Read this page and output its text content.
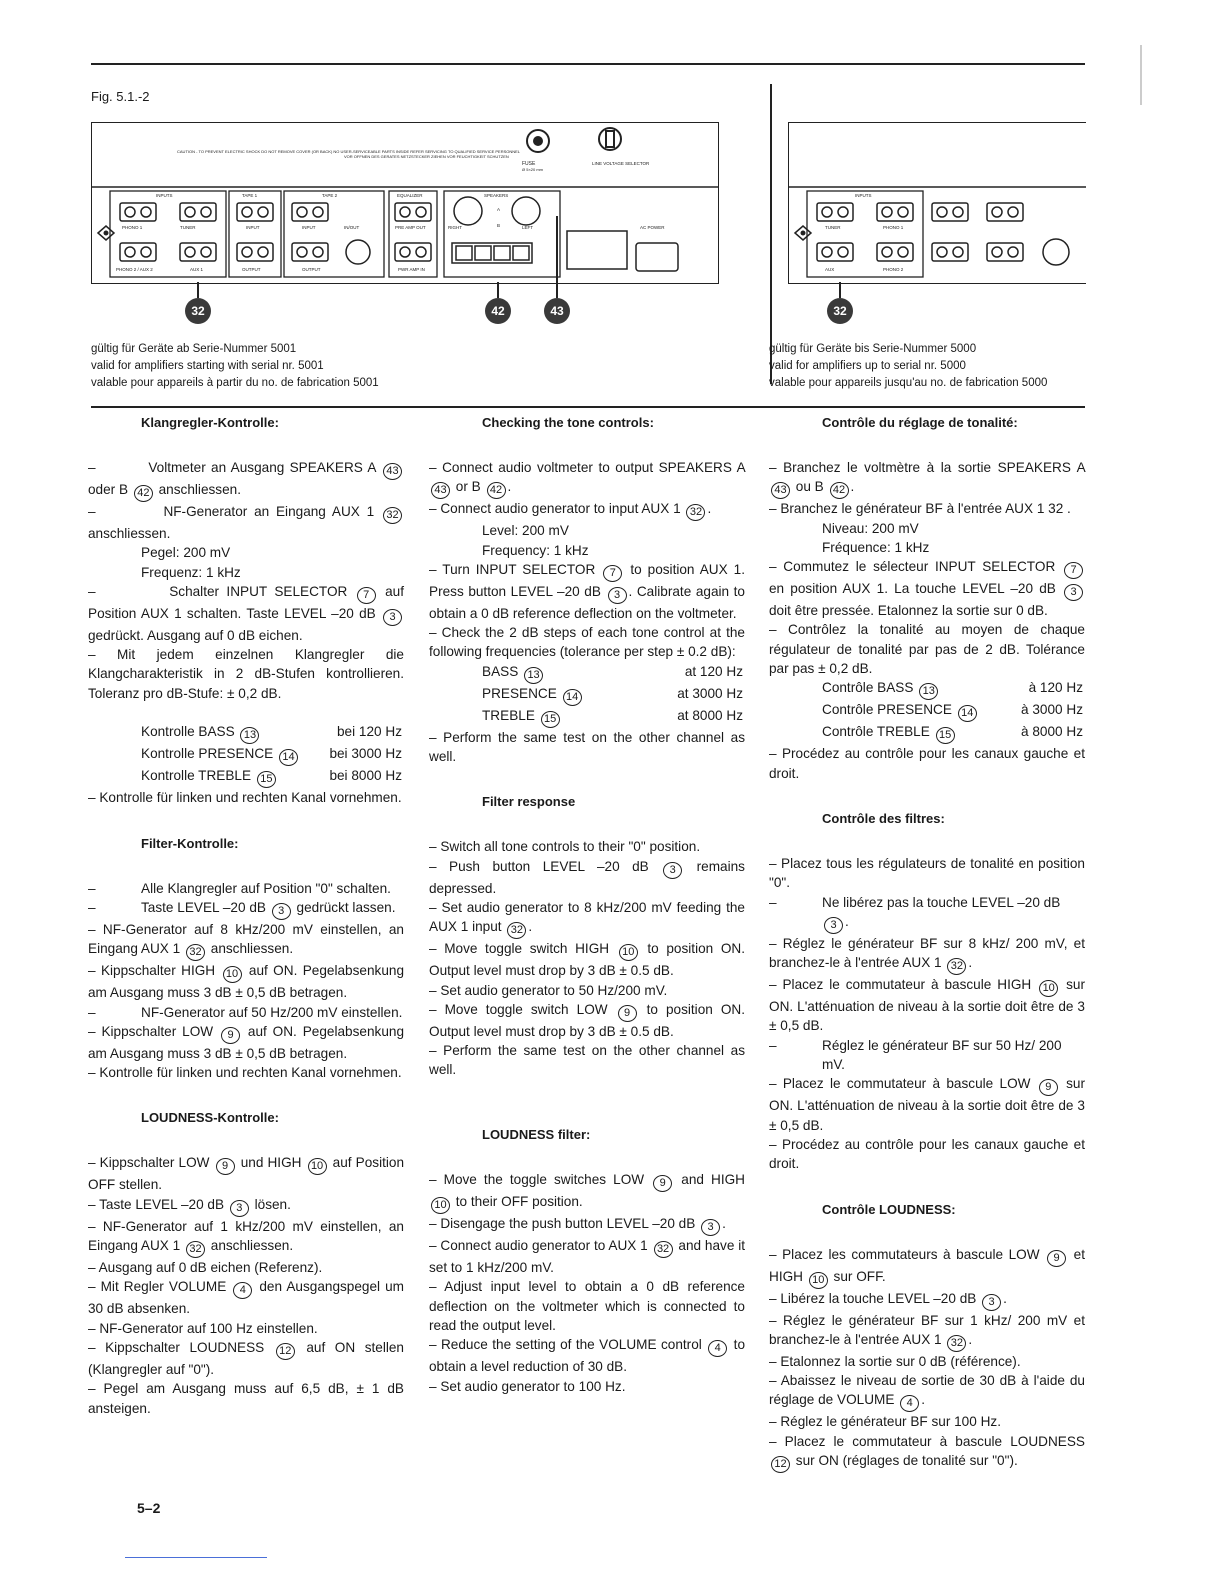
Fig. 5.1.-2
CAUTION - TO PREVENT ELECTRIC SHOCK DO NOT REMOVE COVER (OR BACK) NO USER-SERVICEABLE PARTS INSIDE REFER SERVICING TO QUALIFIED SERVICE PERSONNEL
VOR OFFNEN DES GERATES NETZSTECKER ZIEHEN VOR FEUCHTIGKEIT SCHUTZEN
FUSE
Ø 5×20 mm
LINE VOLTAGE SELECTOR
INPUTS	TAPE 1	TAPE 2	EQUALIZER	SPEAKERS
PHONO 1	TUNER	INPUT	INPUT	IN/OUT	PRE AMP OUT	RIGHT	B	LEFT	AC POWER
A
PHONO 2 / AUX 2	AUX 1	OUTPUT	OUTPUT	PWR AMP IN
32	42	43
gültig für Geräte ab Serie-Nummer 5001
valid for amplifiers starting with serial nr. 5001
valable pour appareils à partir du no. de fabrication 5001
INPUTS
TUNER	PHONO 1
AUX	PHONO 2
32
gültig für Geräte bis Serie-Nummer 5000
valid for amplifiers up to serial nr. 5000
valable pour appareils jusqu'au no. de fabrication 5000
Klangregler-Kontrolle:
–	Voltmeter an Ausgang SPEAKERS A 43 oder B 42 anschliessen.
–	NF-Generator an Eingang AUX 1 32 anschliessen.
Pegel: 200 mV
Frequenz: 1 kHz
–	Schalter INPUT SELECTOR 7 auf Position AUX 1 schalten. Taste LEVEL –20 dB 3 gedrückt. Ausgang auf 0 dB eichen.
– Mit jedem einzelnen Klangregler die Klangcharakteristik in 2 dB-Stufen kontrollieren. Toleranz pro dB-Stufe: ± 0,2 dB.
Kontrolle BASS 13	bei 120 Hz
Kontrolle PRESENCE 14	bei 3000 Hz
Kontrolle TREBLE 15	bei 8000 Hz
– Kontrolle für linken und rechten Kanal vornehmen.
Filter-Kontrolle:
–	Alle Klangregler auf Position "0" schalten.
–	Taste LEVEL –20 dB 3 gedrückt lassen.
– NF-Generator auf 8 kHz/200 mV einstellen, an Eingang AUX 1 32 anschliessen.
– Kippschalter HIGH 10 auf ON. Pegelabsenkung am Ausgang muss 3 dB ± 0,5 dB betragen.
–	NF-Generator auf 50 Hz/200 mV einstellen.
– Kippschalter LOW 9 auf ON. Pegelabsenkung am Ausgang muss 3 dB ± 0,5 dB betragen.
– Kontrolle für linken und rechten Kanal vornehmen.
LOUDNESS-Kontrolle:
– Kippschalter LOW 9 und HIGH 10 auf Position OFF stellen.
– Taste LEVEL –20 dB 3 lösen.
– NF-Generator auf 1 kHz/200 mV einstellen, an Eingang AUX 1 32 anschliessen.
– Ausgang auf 0 dB eichen (Referenz).
– Mit Regler VOLUME 4 den Ausgangspegel um 30 dB absenken.
– NF-Generator auf 100 Hz einstellen.
– Kippschalter LOUDNESS 12 auf ON stellen (Klangregler auf "0").
– Pegel am Ausgang muss auf 6,5 dB, ± 1 dB ansteigen.
Checking the tone controls:
– Connect audio voltmeter to output SPEAKERS A 43 or B 42 .
– Connect audio generator to input AUX 1 32 .
Level: 200 mV
Frequency: 1 kHz
– Turn INPUT SELECTOR 7 to position AUX 1. Press button LEVEL –20 dB 3 . Calibrate again to obtain a 0 dB reference deflection on the voltmeter.
– Check the 2 dB steps of each tone control at the following frequencies (tolerance per step ± 0.2 dB):
BASS 13	at 120 Hz
PRESENCE 14	at 3000 Hz
TREBLE 15	at 8000 Hz
– Perform the same test on the other channel as well.
Filter response
– Switch all tone controls to their "0" position.
– Push button LEVEL –20 dB 3 remains depressed.
– Set audio generator to 8 kHz/200 mV feeding the AUX 1 input 32 .
– Move toggle switch HIGH 10 to position ON. Output level must drop by 3 dB ± 0.5 dB.
– Set audio generator to 50 Hz/200 mV.
– Move toggle switch LOW 9 to position ON. Output level must drop by 3 dB ± 0.5 dB.
– Perform the same test on the other channel as well.
LOUDNESS filter:
– Move the toggle switches LOW 9 and HIGH 10 to their OFF position.
– Disengage the push button LEVEL –20 dB 3 .
– Connect audio generator to AUX 1 32 and have it set to 1 kHz/200 mV.
– Adjust input level to obtain a 0 dB reference deflection on the voltmeter which is connected to read the output level.
– Reduce the setting of the VOLUME control 4 to obtain a level reduction of 30 dB.
– Set audio generator to 100 Hz.
Contrôle du réglage de tonalité:
– Branchez le voltmètre à la sortie SPEAKERS A 43 ou B 42 .
– Branchez le générateur BF à l'entrée AUX 1 32 .
Niveau: 200 mV
Fréquence: 1 kHz
– Commutez le sélecteur INPUT SELECTOR 7 en position AUX 1. La touche LEVEL –20 dB 3 doit être pressée. Etalonnez la sortie sur 0 dB.
– Contrôlez la tonalité au moyen de chaque régulateur de tonalité par pas de 2 dB. Tolérance par pas ± 0,2 dB.
Contrôle BASS 13	à 120 Hz
Contrôle PRESENCE 14	à 3000 Hz
Contrôle TREBLE 15	à 8000 Hz
– Procédez au contrôle pour les canaux gauche et droit.
Contrôle des filtres:
– Placez tous les régulateurs de tonalité en position "0".
–	Ne libérez pas la touche LEVEL –20 dB 3 .
– Réglez le générateur BF sur 8 kHz/ 200 mV, et branchez-le à l'entrée AUX 1 32 .
– Placez le commutateur à bascule HIGH 10 sur ON. L'atténuation de niveau à la sortie doit être de 3 ± 0,5 dB.
–	Réglez le générateur BF sur 50 Hz/ 200 mV.
– Placez le commutateur à bascule LOW 9 sur ON. L'atténuation de niveau à la sortie doit être de 3 ± 0,5 dB.
– Procédez au contrôle pour les canaux gauche et droit.
Contrôle LOUDNESS:
– Placez les commutateurs à bascule LOW 9 et HIGH 10 sur OFF.
– Libérez la touche LEVEL –20 dB 3 .
– Réglez le générateur BF sur 1 kHz/ 200 mV et branchez-le à l'entrée AUX 1 32 .
– Etalonnez la sortie sur 0 dB (référence).
– Abaissez le niveau de sortie de 30 dB à l'aide du réglage de VOLUME 4 .
– Réglez le générateur BF sur 100 Hz.
– Placez le commutateur à bascule LOUDNESS 12 sur ON (réglages de tonalité sur "0").
5–2
